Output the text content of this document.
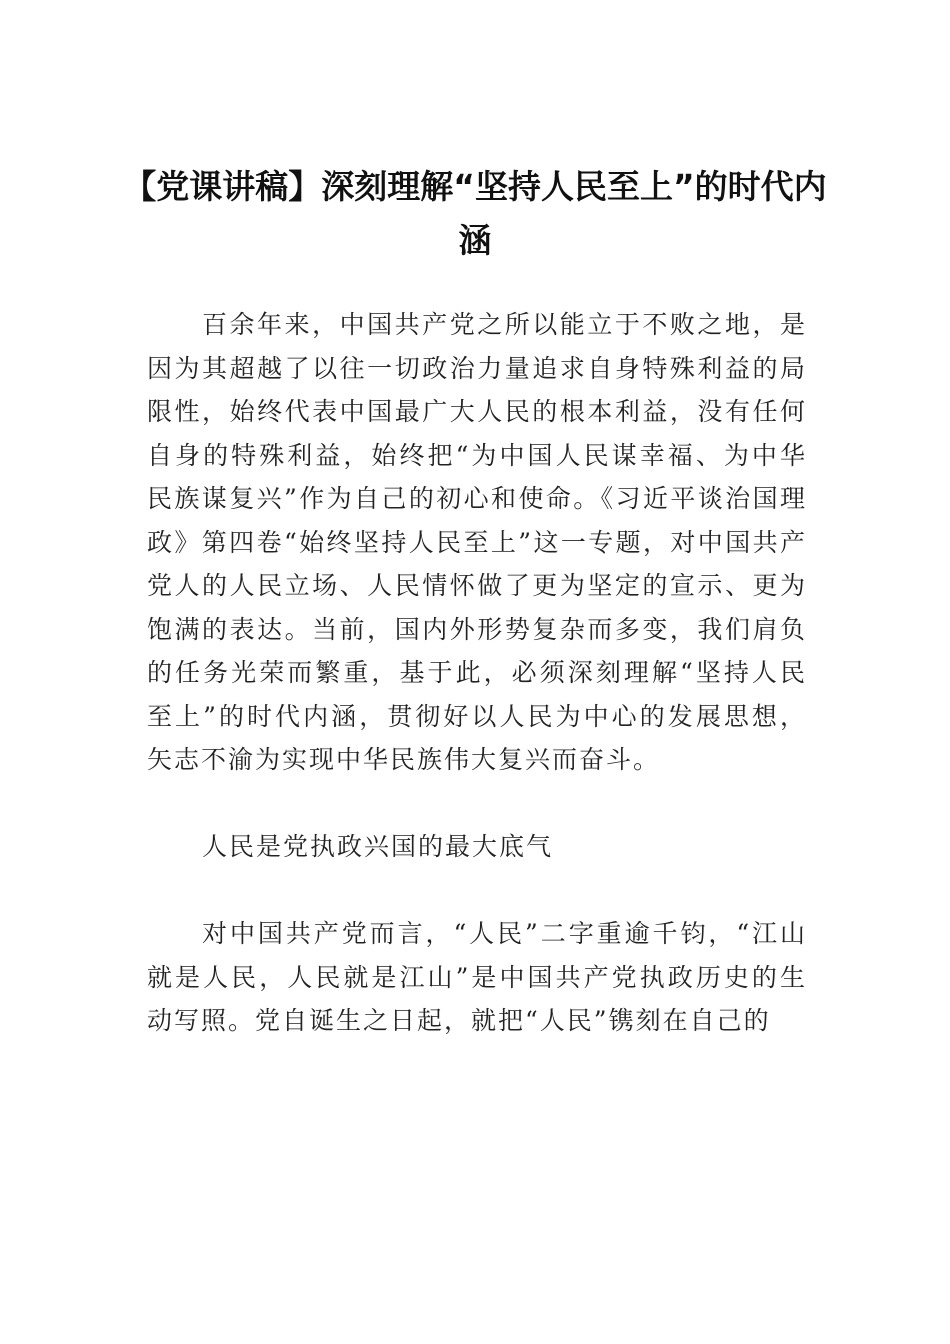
【党课讲稿】深刻理解“坚持人民至上”的时代内涵

百余年来，中国共产党之所以能立于不败之地，是因为其超越了以往一切政治力量追求自身特殊利益的局限性，始终代表中国最广大人民的根本利益，没有任何自身的特殊利益，始终把“为中国人民谋幸福、为中华民族谋复兴”作为自己的初心和使命。《习近平谈治国理政》第四卷“始终坚持人民至上”这一专题，对中国共产党人的人民立场、人民情怀做了更为坚定的宣示、更为饱满的表达。当前，国内外形势复杂而多变，我们肩负的任务光荣而繁重，基于此，必须深刻理解“坚持人民至上”的时代内涵，贯彻好以人民为中心的发展思想，矢志不渝为实现中华民族伟大复兴而奋斗。

人民是党执政兴国的最大底气

对中国共产党而言，“人民”二字重逾千钧，“江山就是人民，人民就是江山”是中国共产党执政历史的生动写照。党自诞生之日起，就把“人民”镌刻在自己的
